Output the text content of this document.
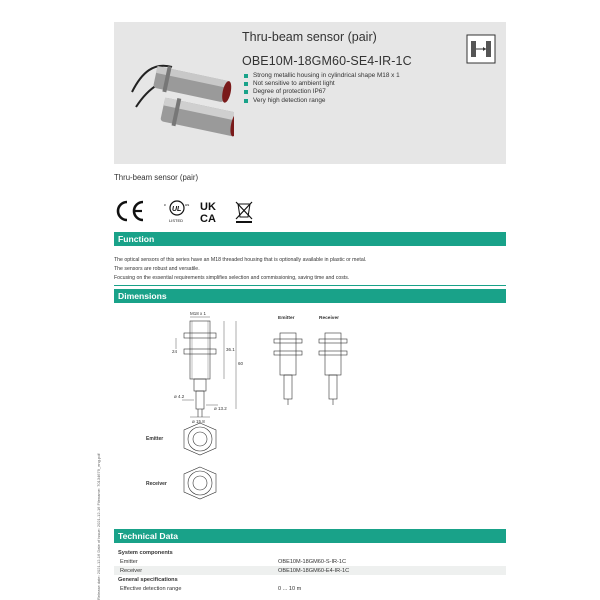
Thru-beam sensor (pair)
OBE10M-18GM60-SE4-IR-1C
Strong metallic housing in cylindrical shape M18 x 1
Not sensitive to ambient light
Degree of protection IP67
Very high detection range
Thru-beam sensor (pair)
UL
c	us
LISTED
UK
CA
Function

The optical sensors of this series have an M18 threaded housing that is optionally available in plastic or metal.

The sensors are robust and versatile.

Focusing on the essential requirements simplifies selection and commissioning, saving time and costs.

Dimensions
M18 x 1
24	36.1
60
ø 4.2
ø 13.2
ø 15.8
Emitter	Receiver
Emitter
Receiver
Release date: 2021-12-16 Date of issue: 2021-12-16 Filename: 70134679_eng.pdf	Technical Data
System components	
Emitter	OBE10M-18GM60-S-IR-1C
Receiver	OBE10M-18GM60-E4-IR-1C
General specifications	
Effective detection range	0 ... 10 m
